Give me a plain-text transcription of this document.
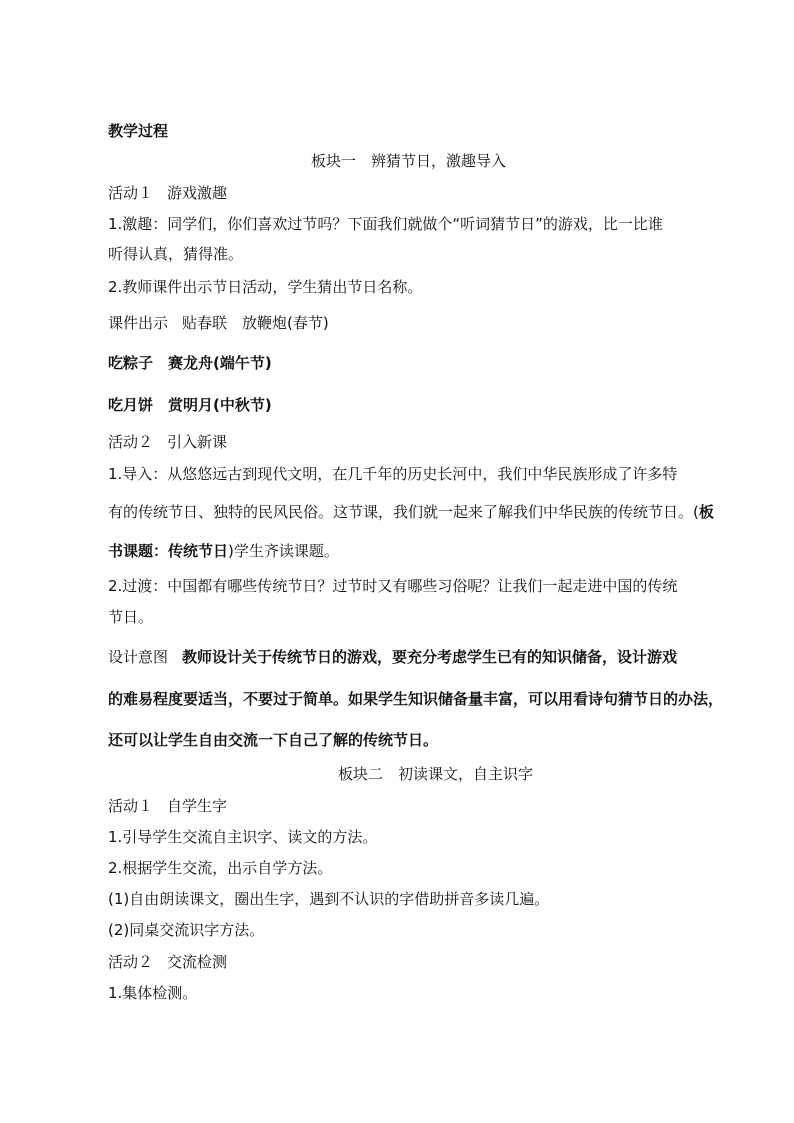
教学过程
板块一　辨猜节日，激趣导入
活动１ 游戏激趣
1.激趣：同学们，你们喜欢过节吗？下面我们就做个“听词猜节日”的游戏，比一比谁
听得认真，猜得准。
2.教师课件出示节日活动，学生猜出节日名称。
课件出示 贴春联　放鞭炮(春节)
吃粽子　赛龙舟(端午节)
吃月饼　赏明月(中秋节)
活动２ 引入新课
1.导入：从悠悠远古到现代文明，在几千年的历史长河中，我们中华民族形成了许多特
有的传统节日、独特的民风民俗。这节课，我们就一起来了解我们中华民族的传统节日。(板
书课题：传统节日)学生齐读课题。
2.过渡：中国都有哪些传统节日？过节时又有哪些习俗呢？让我们一起走进中国的传统
节日。
设计意图 教师设计关于传统节日的游戏，要充分考虑学生已有的知识储备，设计游戏
的难易程度要适当，不要过于简单。如果学生知识储备量丰富，可以用看诗句猜节日的办法，
还可以让学生自由交流一下自己了解的传统节日。
板块二　初读课文，自主识字
活动１ 自学生字
1.引导学生交流自主识字、读文的方法。
2.根据学生交流，出示自学方法。
(1)自由朗读课文，圈出生字，遇到不认识的字借助拼音多读几遍。
(2)同桌交流识字方法。
活动２ 交流检测
1.集体检测。
